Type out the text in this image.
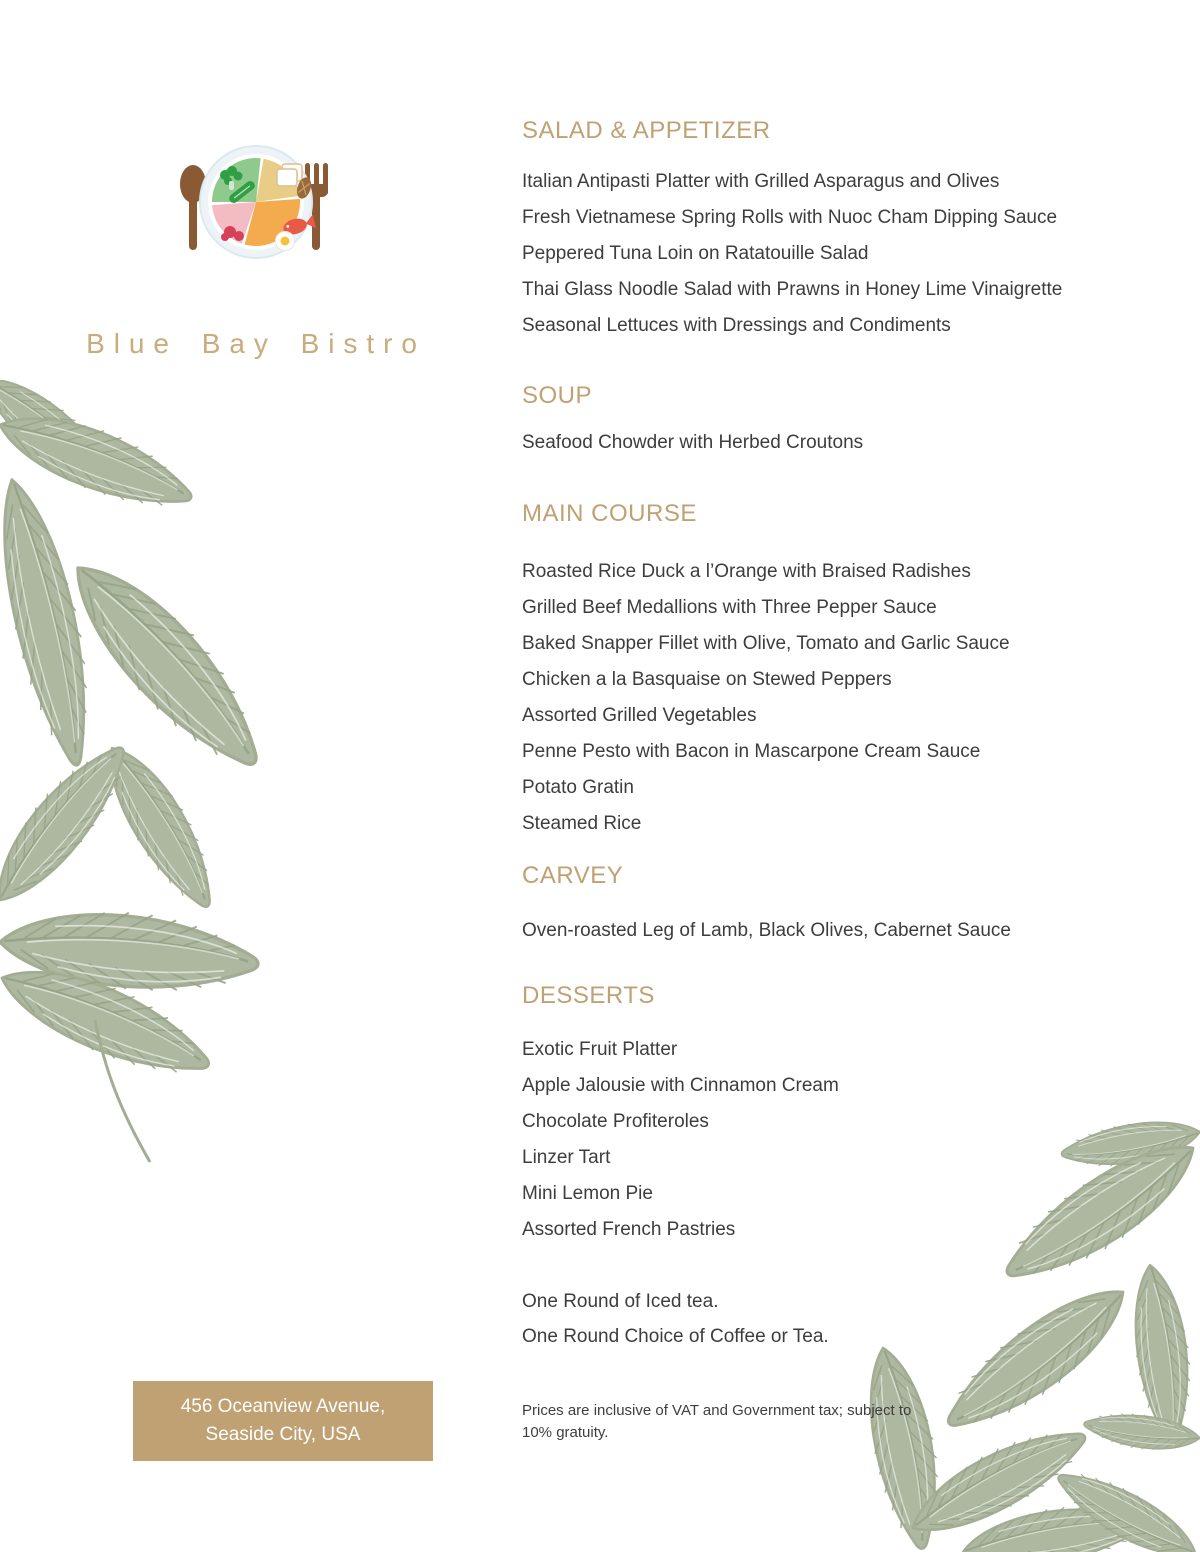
Blue Bay Bistro
SALAD & APPETIZER
Italian Antipasti Platter with Grilled Asparagus and Olives
Fresh Vietnamese Spring Rolls with Nuoc Cham Dipping Sauce
Peppered Tuna Loin on Ratatouille Salad
Thai Glass Noodle Salad with Prawns in Honey Lime Vinaigrette
Seasonal Lettuces with Dressings and Condiments
SOUP
Seafood Chowder with Herbed Croutons
MAIN COURSE
Roasted Rice Duck a l’Orange with Braised Radishes
Grilled Beef Medallions with Three Pepper Sauce
Baked Snapper Fillet with Olive, Tomato and Garlic Sauce
Chicken a la Basquaise on Stewed Peppers
Assorted Grilled Vegetables
Penne Pesto with Bacon in Mascarpone Cream Sauce
Potato Gratin
Steamed Rice
CARVEY
Oven-roasted Leg of Lamb, Black Olives, Cabernet Sauce
DESSERTS
Exotic Fruit Platter
Apple Jalousie with Cinnamon Cream
Chocolate Profiteroles
Linzer Tart
Mini Lemon Pie
Assorted French Pastries
One Round of Iced tea.
One Round Choice of Coffee or Tea.
Prices are inclusive of VAT and Government tax; subject to
10% gratuity.
456 Oceanview Avenue,
Seaside City, USA
